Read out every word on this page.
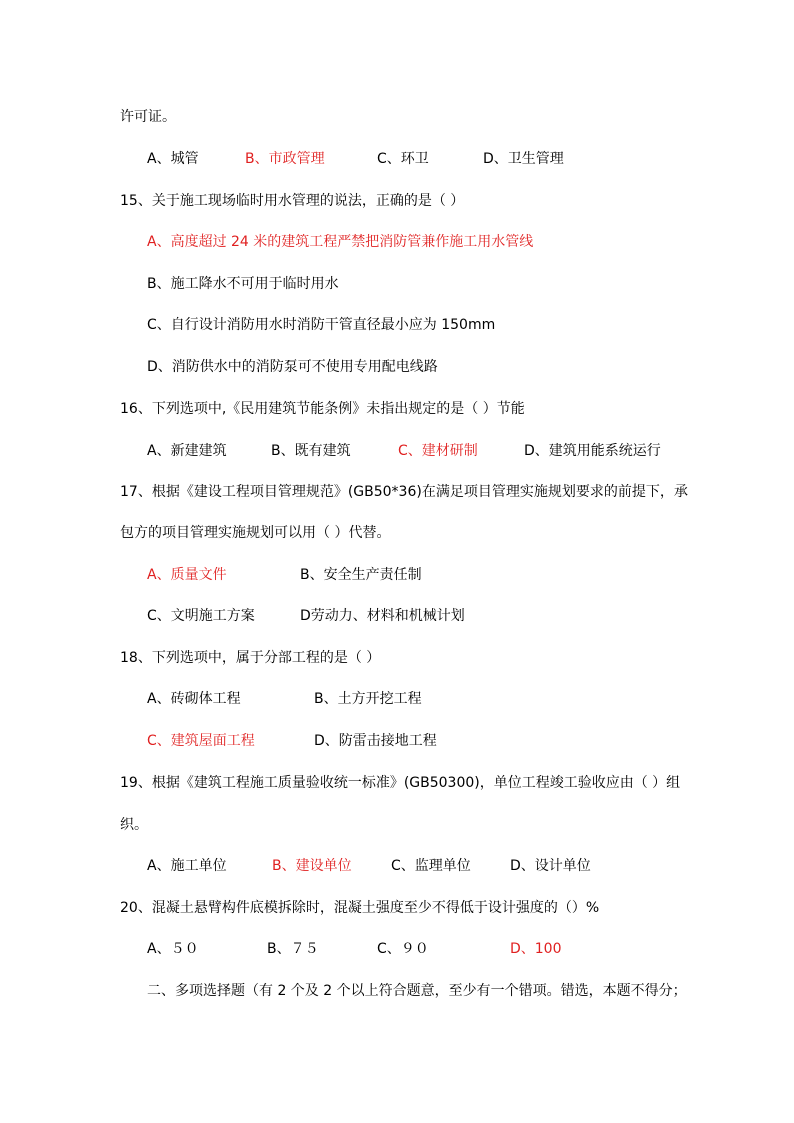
许可证。
A、城管	B、市政管理	C、环卫	D、卫生管理
15、关于施工现场临时用水管理的说法，正确的是（ ）
A、高度超过 24 米的建筑工程严禁把消防管兼作施工用水管线
B、施工降水不可用于临时用水
C、自行设计消防用水时消防干管直径最小应为 150mm
D、消防供水中的消防泵可不使用专用配电线路
16、下列选项中,《民用建筑节能条例》未指出规定的是（ ）节能
A、新建建筑	B、既有建筑	C、建材研制	D、建筑用能系统运行
17、根据《建设工程项目管理规范》(GB50*36)在满足项目管理实施规划要求的前提下，承
包方的项目管理实施规划可以用（ ）代替。
A、质量文件	B、安全生产责任制
C、文明施工方案	D劳动力、材料和机械计划
18、下列选项中，属于分部工程的是（ ）
A、砖砌体工程	B、土方开挖工程
C、建筑屋面工程	D、防雷击接地工程
19、根据《建筑工程施工质量验收统一标准》(GB50300)，单位工程竣工验收应由（ ）组
织。
A、施工单位	B、建设单位	C、监理单位	D、设计单位
20、混凝土悬臂构件底模拆除时，混凝土强度至少不得低于设计强度的（）%
A、５０	B、７５	C、９０	D、100
二、多项选择题（有 2 个及 2 个以上符合题意，至少有一个错项。错选，本题不得分；
